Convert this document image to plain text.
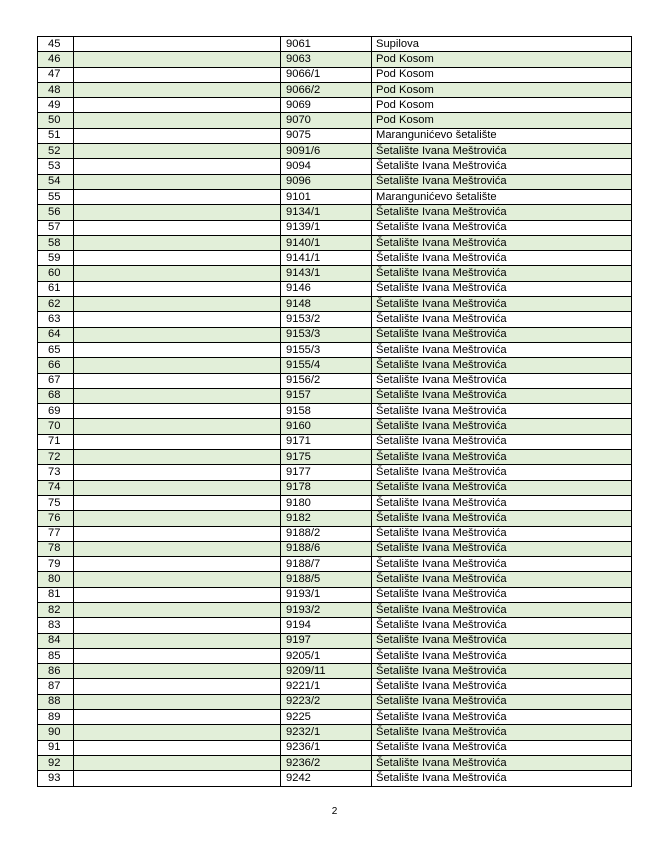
45		9061	Supilova
46		9063	Pod Kosom
47		9066/1	Pod Kosom
48		9066/2	Pod Kosom
49		9069	Pod Kosom
50		9070	Pod Kosom
51		9075	Marangunićevo šetalište
52		9091/6	Šetalište Ivana Meštrovića
53		9094	Šetalište Ivana Meštrovića
54		9096	Šetalište Ivana Meštrovića
55		9101	Marangunićevo šetalište
56		9134/1	Šetalište Ivana Meštrovića
57		9139/1	Šetalište Ivana Meštrovića
58		9140/1	Šetalište Ivana Meštrovića
59		9141/1	Šetalište Ivana Meštrovića
60		9143/1	Šetalište Ivana Meštrovića
61		9146	Šetalište Ivana Meštrovića
62		9148	Šetalište Ivana Meštrovića
63		9153/2	Šetalište Ivana Meštrovića
64		9153/3	Šetalište Ivana Meštrovića
65		9155/3	Šetalište Ivana Meštrovića
66		9155/4	Šetalište Ivana Meštrovića
67		9156/2	Šetalište Ivana Meštrovića
68		9157	Šetalište Ivana Meštrovića
69		9158	Šetalište Ivana Meštrovića
70		9160	Šetalište Ivana Meštrovića
71		9171	Šetalište Ivana Meštrovića
72		9175	Šetalište Ivana Meštrovića
73		9177	Šetalište Ivana Meštrovića
74		9178	Šetalište Ivana Meštrovića
75		9180	Šetalište Ivana Meštrovića
76		9182	Šetalište Ivana Meštrovića
77		9188/2	Šetalište Ivana Meštrovića
78		9188/6	Šetalište Ivana Meštrovića
79		9188/7	Šetalište Ivana Meštrovića
80		9188/5	Šetalište Ivana Meštrovića
81		9193/1	Šetalište Ivana Meštrovića
82		9193/2	Šetalište Ivana Meštrovića
83		9194	Šetalište Ivana Meštrovića
84		9197	Šetalište Ivana Meštrovića
85		9205/1	Šetalište Ivana Meštrovića
86		9209/11	Šetalište Ivana Meštrovića
87		9221/1	Šetalište Ivana Meštrovića
88		9223/2	Šetalište Ivana Meštrovića
89		9225	Šetalište Ivana Meštrovića
90		9232/1	Šetalište Ivana Meštrovića
91		9236/1	Šetalište Ivana Meštrovića
92		9236/2	Šetalište Ivana Meštrovića
93		9242	Šetalište Ivana Meštrovića
2
